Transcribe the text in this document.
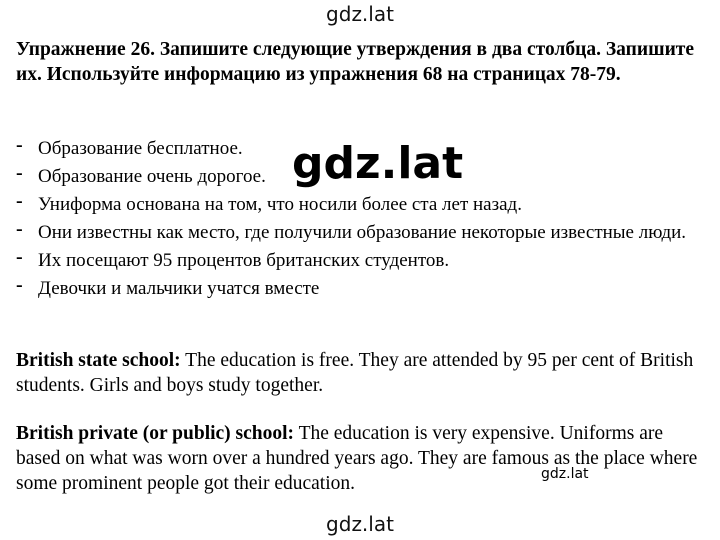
gdz.lat

Упражнение 26. Запишите следующие утверждения в два столбца. Запишите их. Используйте информацию из упражнения 68 на страницах 78-79.

- Образование бесплатное.
- Образование очень дорогое.
- Униформа основана на том, что носили более ста лет назад.
- Они известны как место, где получили образование некоторые известные люди.
- Их посещают 95 процентов британских студентов.
- Девочки и мальчики учатся вместе

British state school: The education is free. They are attended by 95 per cent of British students. Girls and boys study together.

British private (or public) school: The education is very expensive. Uniforms are based on what was worn over a hundred years ago. They are famous as the place where some prominent people got their education.

gdz.lat
gdz.lat
gdz.lat
